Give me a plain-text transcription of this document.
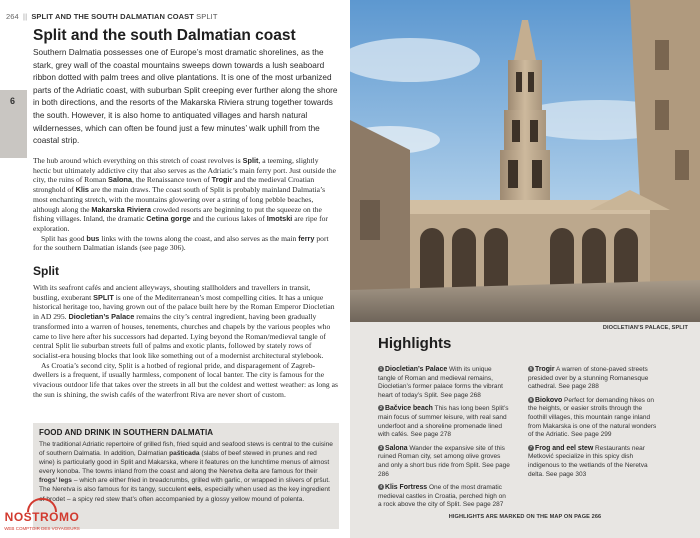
264 || SPLIT AND THE SOUTH DALMATIAN COAST SPLIT
6
Split and the south Dalmatian coast
Southern Dalmatia possesses one of Europe’s most dramatic shorelines, as the stark, grey wall of the coastal mountains sweeps down towards a lush seaboard ribbon dotted with palm trees and olive plantations. It is one of the most urbanized parts of the Adriatic coast, with suburban Split creeping ever further along the shore in both directions, and the resorts of the Makarska Riviera strung together towards the south. However, it is also home to antiquated villages and harsh natural wildernesses, which can often be found just a few minutes’ walk uphill from the coastal strip.

The hub around which everything on this stretch of coast revolves is Split, a teeming, slightly hectic but ultimately addictive city that also serves as the Adriatic’s main ferry port. Just outside the city, the ruins of Roman Salona, the Renaissance town of Trogir and the medieval Croatian stronghold of Klis are the main draws. The coast south of Split is probably mainland Dalmatia’s most enchanting stretch, with the mountains glowering over a string of long pebble beaches, although along the Makarska Riviera crowded resorts are beginning to put the squeeze on the fishing villages. Inland, the dramatic Cetina gorge and the curious lakes of Imotski are ripe for exploration.

Split has good bus links with the towns along the coast, and also serves as the main ferry port for the southern Dalmatian islands (see page 306).

Split

With its seafront cafés and ancient alleyways, shouting stallholders and travellers in transit, bustling, exuberant SPLIT is one of the Mediterranean’s most compelling cities. It has a unique historical heritage too, having grown out of the palace built here by the Roman Emperor Diocletian in AD 295. Diocletian’s Palace remains the city’s central ingredient, having been gradually transformed into a warren of houses, tenements, churches and chapels by the various peoples who came to live here after his successors had departed. Lying beyond the Roman/medieval tangle of central Split lie suburban streets full of palms and exotic plants, followed by stately rows of socialist-era housing blocks that look like something out of a modernist architectural stylebook.

As Croatia’s second city, Split is a hotbed of regional pride, and disparagement of Zagreb-dwellers is a frequent, if usually harmless, component of local banter. The city is famous for the vivacious outdoor life that takes over the streets in all but the coldest and wettest weather: as long as the sun is shining, the swish cafés of the waterfront Riva are never short of custom.

FOOD AND DRINK IN SOUTHERN DALMATIA

The traditional Adriatic repertoire of grilled fish, fried squid and seafood stews is central to the cuisine of southern Dalmatia. In addition, Dalmatian pašticada (slabs of beef stewed in prunes and red wine) is particularly good in Split and Makarska, where it features on the lunchtime menus of almost every konoba. The towns inland from the coast and along the Neretva delta are famous for their frogs’ legs – which are either fried in breadcrumbs, grilled with garlic, or wrapped in slivers of pršut. The Neretva is also famous for its tangy, succulent eels, especially when used as the key ingredient of brodet – a spicy red stew that’s often accompanied by a glossy yellow mound of polenta.

NOSTROMO
WEB COMPTOIR DES VOYAGEURS
DIOCLETIAN’S PALACE, SPLIT
Highlights
1 Diocletian’s Palace With its unique tangle of Roman and medieval remains, Diocletian’s former palace forms the vibrant heart of today’s Split. See page 268
2 Bačvice beach This has long been Split’s main focus of summer leisure, with real sand underfoot and a shoreline promenade lined with cafés. See page 278
3 Salona Wander the expansive site of this ruined Roman city, set among olive groves and only a short bus ride from Split. See page 286
4 Klis Fortress One of the most dramatic medieval castles in Croatia, perched high on a rock above the city of Split. See page 287
5 Trogir A warren of stone-paved streets presided over by a stunning Romanesque cathedral. See page 288
6 Biokovo Perfect for demanding hikes on the heights, or easier strolls through the foothill villages, this mountain range inland from Makarska is one of the natural wonders of the Adriatic. See page 299
7 Frog and eel stew Restaurants near Metković specialize in this spicy dish indigenous to the wetlands of the Neretva delta. See page 303
HIGHLIGHTS ARE MARKED ON THE MAP ON PAGE 266
